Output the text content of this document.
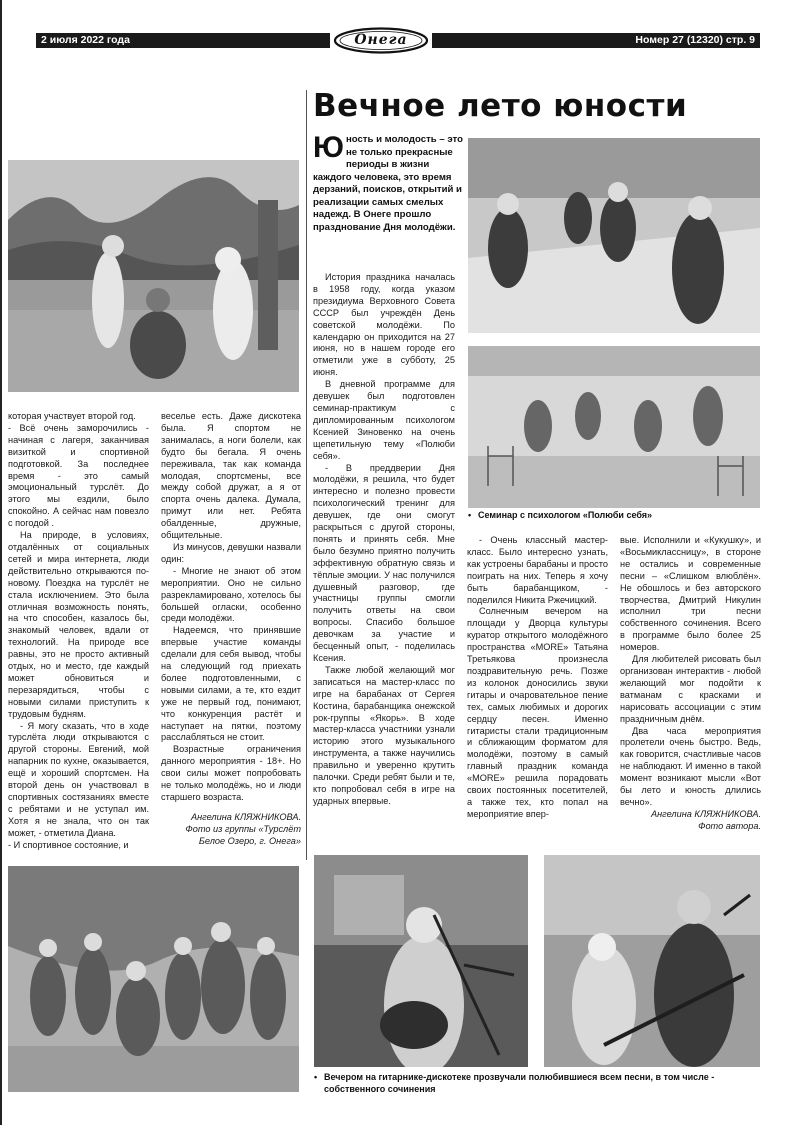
2 июля 2022 года	Онега	Номер 27 (12320) стр. 9
Вечное лето юности

которая участвует второй год.

- Всё очень заморочились - начиная с лагеря, заканчивая визиткой и спортивной подготовкой. За последнее время - это самый эмоциональный турслёт. До этого мы ездили, было спокойно. А сейчас нам повезло с погодой .

На природе, в условиях, отдалённых от социальных сетей и мира интернета, люди действительно открываются по-новому. Поездка на турслёт не стала исключением. Это была отличная возможность понять, на что способен, казалось бы, знакомый человек, вдали от технологий. На природе все равны, это не просто активный отдых, но и место, где каждый может обновиться и перезарядиться, чтобы с новыми силами приступить к трудовым будням.

- Я могу сказать, что в ходе турслёта люди открываются с другой стороны. Евгений, мой напарник по кухне, оказывается, ещё и хороший спортсмен. На второй день он участвовал в спортивных состязаниях вместе с ребятами и не уступал им. Хотя я не знала, что он так может, - отметила Диана.

- И спортивное состояние, и

веселье есть. Даже дискотека была. Я спортом не занималась, а ноги болели, как будто бы бегала. Я очень переживала, так как команда молодая, спортсмены, все между собой дружат, а я от спорта очень далека. Думала, примут или нет. Ребята обалденные, дружные, общительные.

Из минусов, девушки назвали один:

- Многие не знают об этом мероприятии. Оно не сильно разрекламировано, хотелось бы большей огласки, особенно среди молодёжи.

Надеемся, что принявшие впервые участие команды сделали для себя вывод, чтобы на следующий год приехать более подготовленными, с новыми силами, а те, кто ездит уже не первый год, понимают, что конкуренция растёт и наступает на пятки, поэтому расслабляться не стоит.

Возрастные ограничения данного мероприятия - 18+. Но свои силы может попробовать не только молодёжь, но и люди старшего возраста.

Ангелина КЛЯЖНИКОВА.

Фото из группы «Турслёт

Белое Озеро, г. Онега»

Ю ность и молодость – это не только прекрасные периоды в жизни каждого человека, это время дерзаний, поисков, открытий и реализации самых смелых надежд. В Онеге прошло празднование Дня молодёжи.

История праздника началась в 1958 году, когда указом президиума Верховного Совета СССР был учреждён День советской молодёжи. По календарю он приходится на 27 июня, но в нашем городе его отметили уже в субботу, 25 июня.

В дневной программе для девушек был подготовлен семинар-практикум с дипломированным психологом Ксенией Зиновенко на очень щепетильную тему «Полюби себя».

- В преддверии Дня молодёжи, я решила, что будет интересно и полезно провести психологический тренинг для девушек, где они смогут раскрыться с другой стороны, понять и принять себя. Мне было безумно приятно получить эффективную обратную связь и тёплые эмоции. У нас получился душевный разговор, где участницы группы смогли получить ответы на свои вопросы. Спасибо большое девочкам за участие и бесценный опыт, - поделилась Ксения.

Также любой желающий мог записаться на мастер-класс по игре на барабанах от Сергея Костина, барабанщика онежской рок-группы «Якорь». В ходе мастер-класса участники узнали историю этого музыкального инструмента, а также научились правильно и уверенно крутить палочки. Среди ребят были и те, кто попробовал себя в игре на ударных впервые.

• Семинар с психологом «Полюби себя»

- Очень классный мастер-класс. Было интересно узнать, как устроены барабаны и просто поиграть на них. Теперь я хочу быть барабанщиком, - поделился Никита Ржечицкий.

Солнечным вечером на площади у Дворца культуры куратор открытого молодёжного пространства «MORE» Татьяна Третьякова произнесла поздравительную речь. Позже из колонок доносились звуки гитары и очаровательное пение тех, самых любимых и дорогих сердцу песен. Именно гитаристы стали традиционным и сближающим форматом для молодёжи, поэтому в самый главный праздник команда «MORE» решила порадовать своих постоянных посетителей, а также тех, кто попал на мероприятие впер-

вые. Исполнили и «Кукушку», и «Восьмиклассницу», в стороне не остались и современные песни – «Слишком влюблён». Не обошлось и без авторского творчества, Дмитрий Никулин исполнил три песни собственного сочинения. Всего в программе было более 25 номеров.

Для любителей рисовать был организован интерактив - любой желающий мог подойти к ватманам с красками и нарисовать ассоциации с этим праздничным днём.

Два часа мероприятия пролетели очень быстро. Ведь, как говорится, счастливые часов не наблюдают. И именно в такой момент возникают мысли «Вот бы лето и юность длились вечно».

Ангелина КЛЯЖНИКОВА.

Фото автора.

• Вечером на гитарнике-дискотеке прозвучали полюбившиеся всем песни, в том числе - собственного сочинения
